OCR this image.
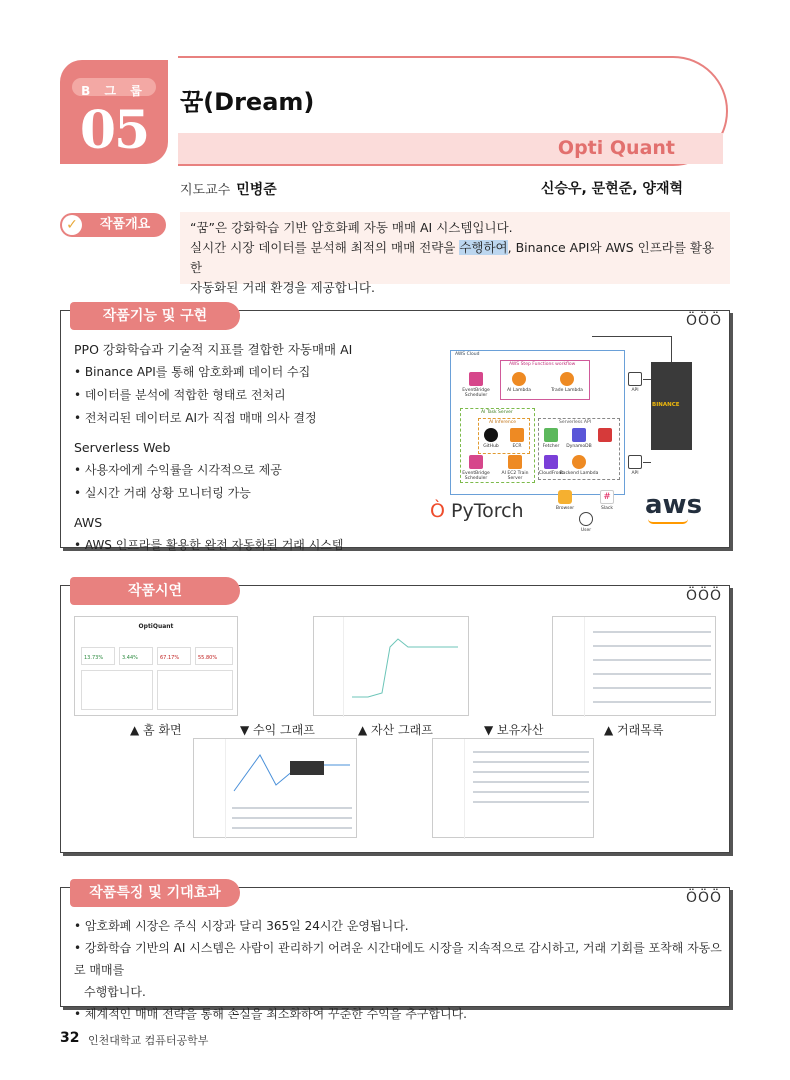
B 그 룹
05	꿈(Dream)
Opti Quant
지도교수 민병준	신승우, 문현준, 양재혁
작품개요
✓	“꿈”은 강화학습 기반 암호화폐 자동 매매 AI 시스템입니다.
실시간 시장 데이터를 분석해 최적의 매매 전략을 수행하여, Binance API와 AWS 인프라를 활용한
자동화된 거래 환경을 제공합니다.
작품기능 및 구현	ÖÖÖ
PPO 강화학습과 기술적 지표를 결합한 자동매매 AI
• Binance API를 통해 암호화폐 데이터 수집
• 데이터를 분석에 적합한 형태로 전처리
• 전처리된 데이터로 AI가 직접 매매 의사 결정
Serverless Web
• 사용자에게 수익률을 시각적으로 제공
• 실시간 거래 상황 모니터링 가능
AWS
• AWS 인프라를 활용한 완전 자동화된 거래 시스템
AWS Cloud
AWS Step Functions workflow
AI Task Server
AI Inference	Serverless API
EventBridge Scheduler
AI Lambda	Trade Lambda
GitHub	ECR
EventBridge Scheduler
AI EC2 Train Server
Fetcher	DynamoDB
CloudFront
Backend Lambda
API
API
BINANCE
Browser
#
Slack
User
Ò PyTorch	aws
작품시연	ÖÖÖ
OptiQuant
13.73%	3.44%	67.17%	55.80%
▲ 홈 화면	▼ 수익 그래프	▲ 자산 그래프	▼ 보유자산	▲ 거래목록
작품특징 및 기대효과	ÖÖÖ
• 암호화폐 시장은 주식 시장과 달리 365일 24시간 운영됩니다.
• 강화학습 기반의 AI 시스템은 사람이 관리하기 어려운 시간대에도 시장을 지속적으로 감시하고, 거래 기회를 포착해 자동으로 매매를
수행합니다.
• 체계적인 매매 전략을 통해 손실을 최소화하여 꾸준한 수익을 추구합니다.
32 인천대학교 컴퓨터공학부
